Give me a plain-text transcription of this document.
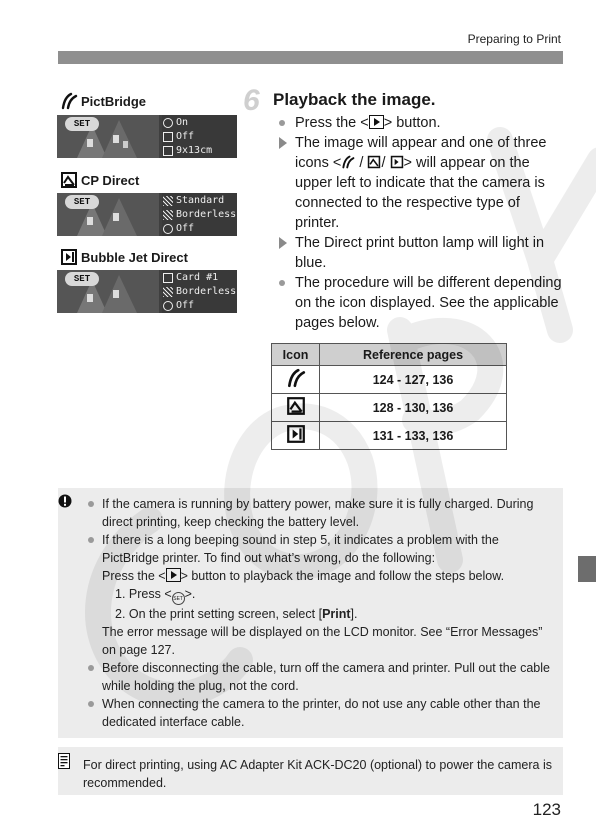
Preparing to Print
PictBridge
SET	On
Off
9x13cm
CP Direct
SET	Standard
Borderless
Off
Bubble Jet Direct
SET	Card #1
Borderless
Off
6 Playback the image.
Press the < > button.
The image will appear and one of three icons < / / > will appear on the upper left to indicate that the camera is connected to the respective type of printer.
The Direct print button lamp will light in blue.
The procedure will be different depending on the icon displayed. See the applicable pages below.
Icon	Reference pages
	124 - 127, 136
	128 - 130, 136
	131 - 133, 136
If the camera is running by battery power, make sure it is fully charged. During direct printing, keep checking the battery level.
If there is a long beeping sound in step 5, it indicates a problem with the PictBridge printer. To find out what’s wrong, do the following:
Press the < > button to playback the image and follow the steps below.
1. Press < SET >.
2. On the print setting screen, select [Print].
The error message will be displayed on the LCD monitor. See “Error Messages” on page 127.
Before disconnecting the cable, turn off the camera and printer. Pull out the cable while holding the plug, not the cord.
When connecting the camera to the printer, do not use any cable other than the dedicated interface cable.
For direct printing, using AC Adapter Kit ACK-DC20 (optional) to power the camera is recommended.
123
